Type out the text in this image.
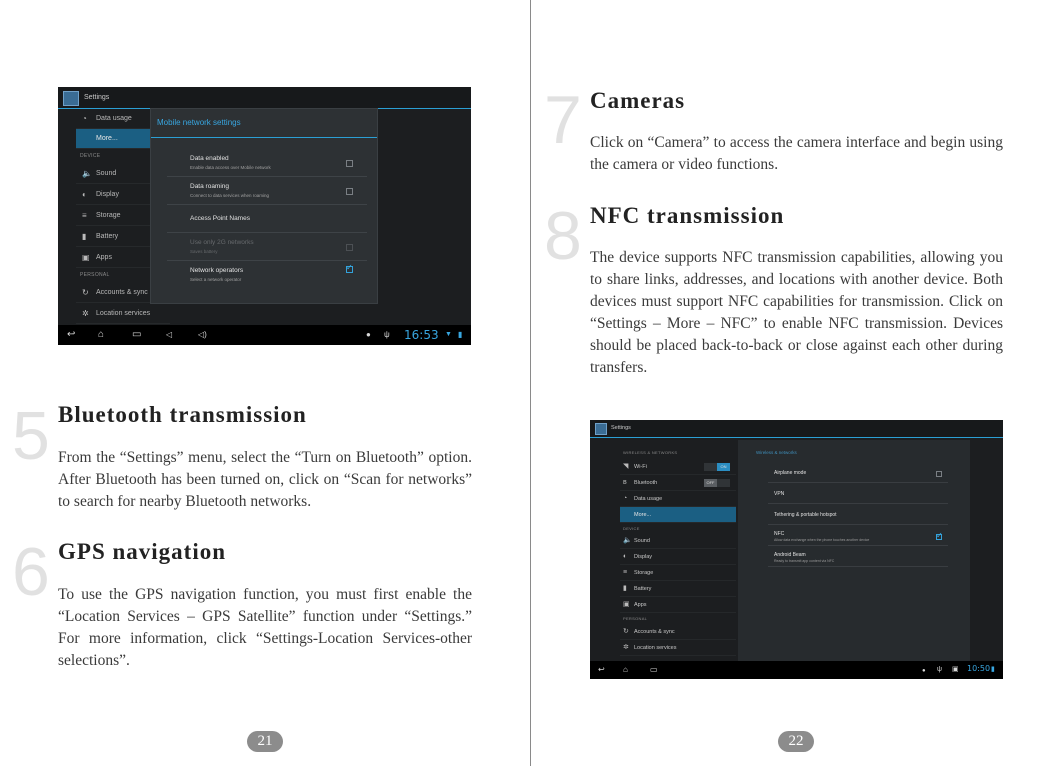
Settings
◔	Data usage
More...
DEVICE
🔈 Sound
◐	Display
≡	Storage
▮	Battery
▣ Apps
PERSONAL
↻ Accounts & sync
✲ Location services
Mobile network settings
Data enabled
Enable data access over Mobile network
Data roaming
Connect to data services when roaming
Access Point Names
Use only 2G networks
Saves battery
Network operators
Select a network operator
✓
↩ ⌂	▭	◁	◁)	● ψ 16:53 ▼ ▮
5 Bluetooth transmission

From the “Settings” menu, select the “Turn on Bluetooth” option. After Bluetooth has been turned on, click on “Scan for networks” to search for nearby Bluetooth networks.

6 GPS navigation

To use the GPS navigation function, you must first enable the “Location Services – GPS Satellite” function under “Settings.” For more information, click “Settings-Location Services-other selections”.

21
7 Cameras

Click on “Camera” to access the camera interface and begin using the camera or video functions.

8 NFC transmission

The device supports NFC transmission capabilities, allowing you to share links, addresses, and locations with another device. Both devices must support NFC capabilities for transmission. Click on “Settings – More – NFC” to enable NFC transmission. Devices should be placed back-to-back or close against each other during transfers.

Settings
WIRELESS & NETWORKS
◥ Wi-Fi	ON
ʙ Bluetooth	OFF
◔ Data usage
More...
DEVICE
🔈 Sound
◐ Display
≡ Storage
▮ Battery
▣ Apps
PERSONAL
↻ Accounts & sync
✲ Location services
Wireless & networks
Airplane mode
VPN
Tethering & portable hotspot
NFC
Allow data exchange when the phone touches another device
✓
Android Beam
Ready to transmit app content via NFC
↩ ⌂	▭	● ψ ▣ 10:50 ▮
22
